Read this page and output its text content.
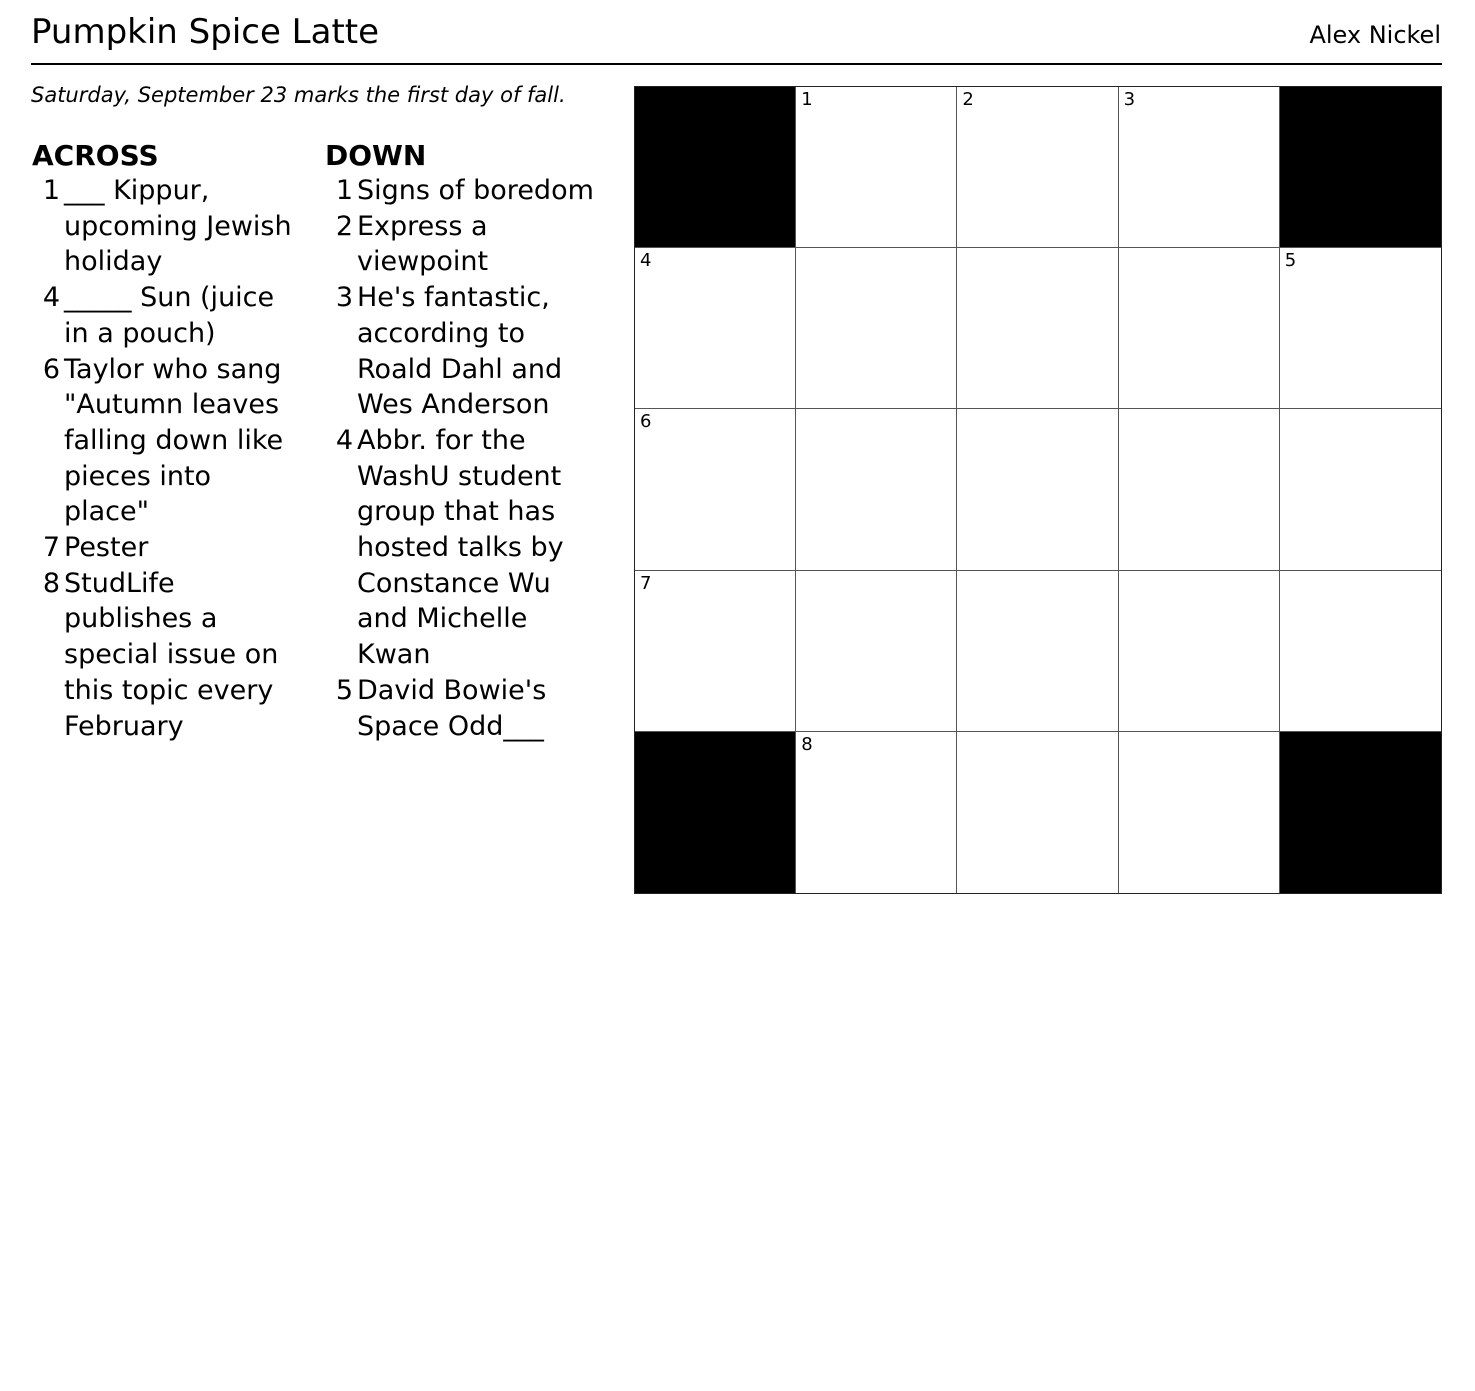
Pumpkin Spice Latte	Alex Nickel
Saturday, September 23 marks the first day of fall.
ACROSS
1 ___ Kippur, upcoming Jewish holiday
4 _____ Sun (juice in a pouch)
6 Taylor who sang "Autumn leaves falling down like pieces into place"
7 Pester
8 StudLife publishes a special issue on this topic every February
DOWN
1 Signs of boredom
2 Express a viewpoint
3 He's fantastic, according to Roald Dahl and Wes Anderson
4 Abbr. for the WashU student group that has hosted talks by Constance Wu and Michelle Kwan
5 David Bowie's Space Odd___
1	2	3
4	5
6
7
8
